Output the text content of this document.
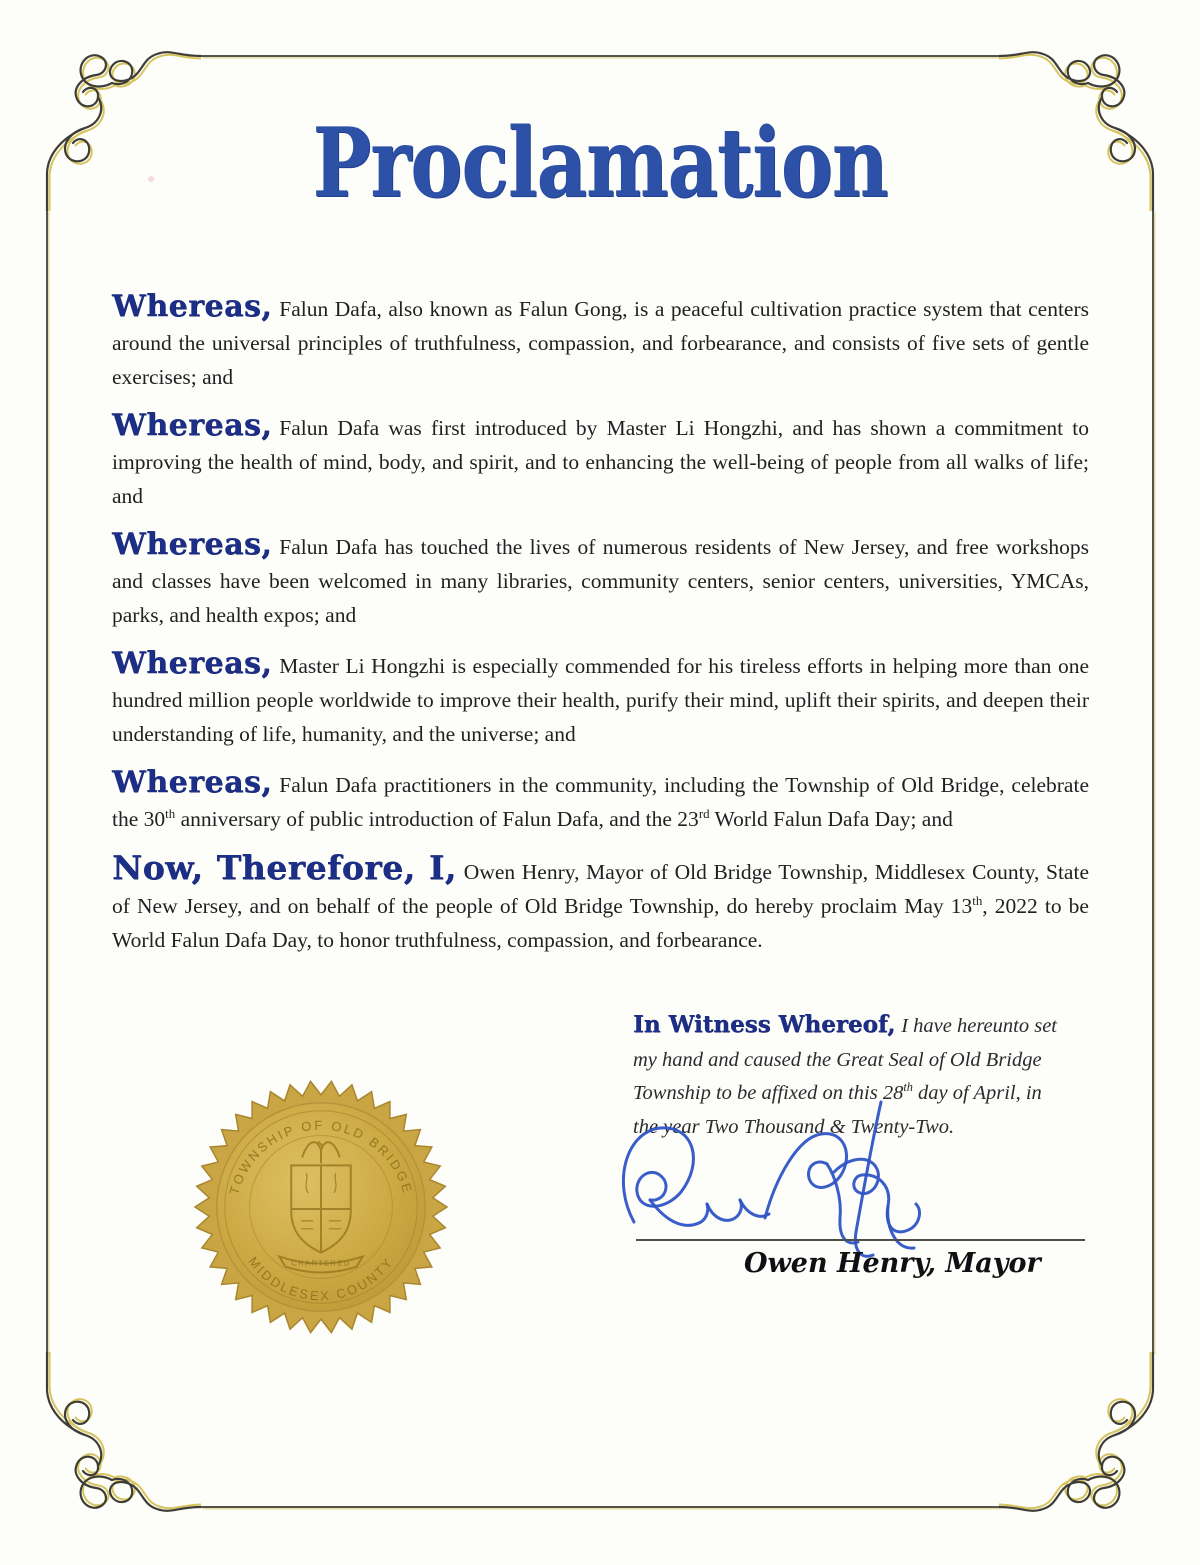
Proclamation

Whereas, Falun Dafa, also known as Falun Gong, is a peaceful cultivation practice system that centers around the universal principles of truthfulness, compassion, and forbearance, and consists of five sets of gentle exercises; and

Whereas, Falun Dafa was first introduced by Master Li Hongzhi, and has shown a commitment to improving the health of mind, body, and spirit, and to enhancing the well-being of people from all walks of life; and

Whereas, Falun Dafa has touched the lives of numerous residents of New Jersey, and free workshops and classes have been welcomed in many libraries, community centers, senior centers, universities, YMCAs, parks, and health expos; and

Whereas, Master Li Hongzhi is especially commended for his tireless efforts in helping more than one hundred million people worldwide to improve their health, purify their mind, uplift their spirits, and deepen their understanding of life, humanity, and the universe; and

Whereas, Falun Dafa practitioners in the community, including the Township of Old Bridge, celebrate the 30th anniversary of public introduction of Falun Dafa, and the 23rd World Falun Dafa Day; and

Now, Therefore, I, Owen Henry, Mayor of Old Bridge Township, Middlesex County, State of New Jersey, and on behalf of the people of Old Bridge Township, do hereby proclaim May 13th, 2022 to be World Falun Dafa Day, to honor truthfulness, compassion, and forbearance.

In Witness Whereof, I have hereunto set my hand and caused the Great Seal of Old Bridge Township to be affixed on this 28th day of April, in the year Two Thousand & Twenty-Two.

TOWNSHIP OF OLD BRIDGE
MIDDLESEX COUNTY
CHARTERED	Owen Henry, Mayor
